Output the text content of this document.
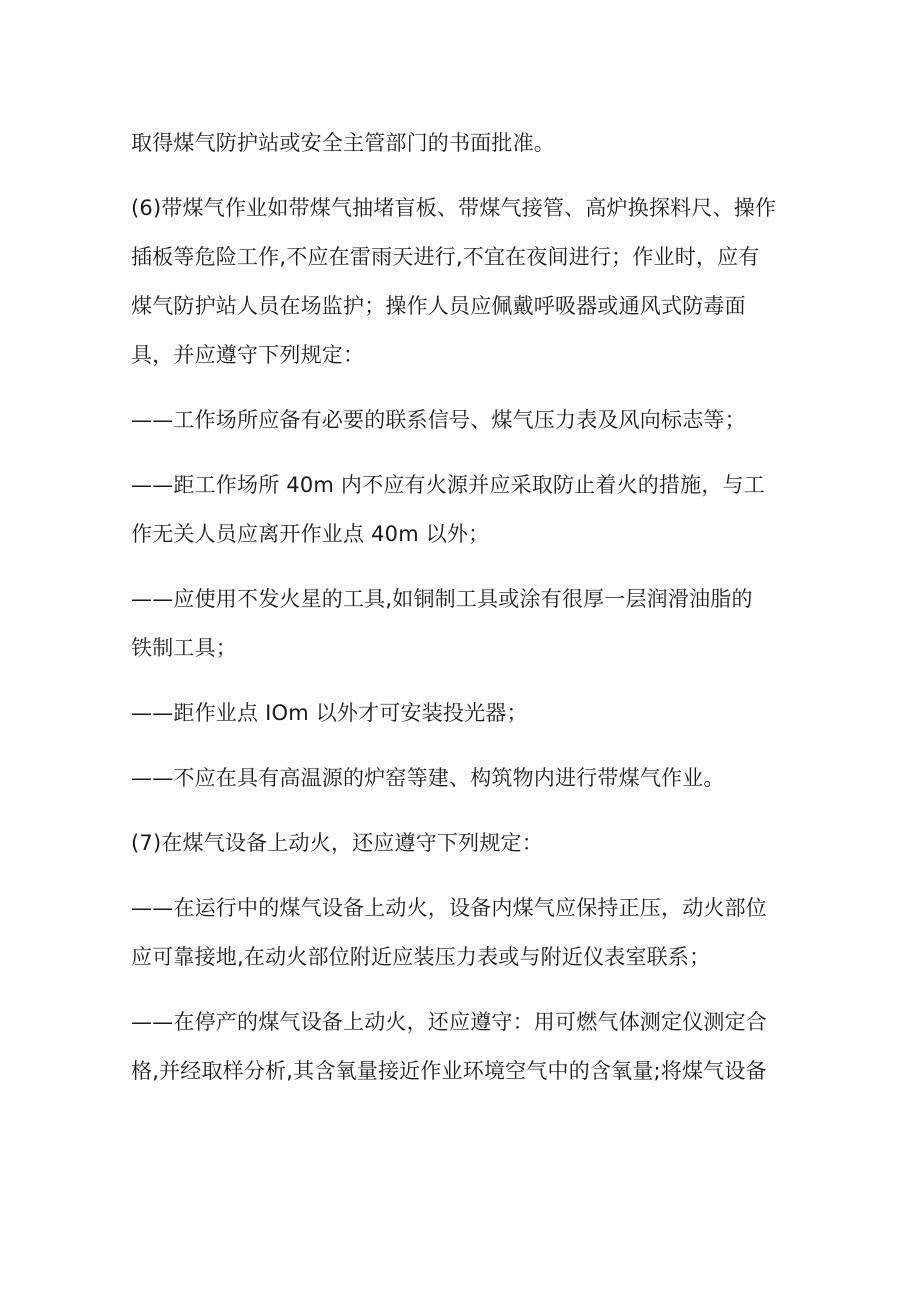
取得煤气防护站或安全主管部门的书面批准。

(6)带煤气作业如带煤气抽堵盲板、带煤气接管、高炉换探料尺、操作

插板等危险工作,不应在雷雨天进行,不宜在夜间进行；作业时，应有

煤气防护站人员在场监护；操作人员应佩戴呼吸器或通风式防毒面

具，并应遵守下列规定：

——工作场所应备有必要的联系信号、煤气压力表及风向标志等；

——距工作场所 40m 内不应有火源并应采取防止着火的措施，与工

作无关人员应离开作业点 40m 以外；

——应使用不发火星的工具,如铜制工具或涂有很厚一层润滑油脂的

铁制工具；

——距作业点 IOm 以外才可安装投光器；

——不应在具有高温源的炉窑等建、构筑物内进行带煤气作业。

(7)在煤气设备上动火，还应遵守下列规定：

——在运行中的煤气设备上动火，设备内煤气应保持正压，动火部位

应可靠接地,在动火部位附近应装压力表或与附近仪表室联系；

——在停产的煤气设备上动火，还应遵守：用可燃气体测定仪测定合

格,并经取样分析,其含氧量接近作业环境空气中的含氧量;将煤气设备
